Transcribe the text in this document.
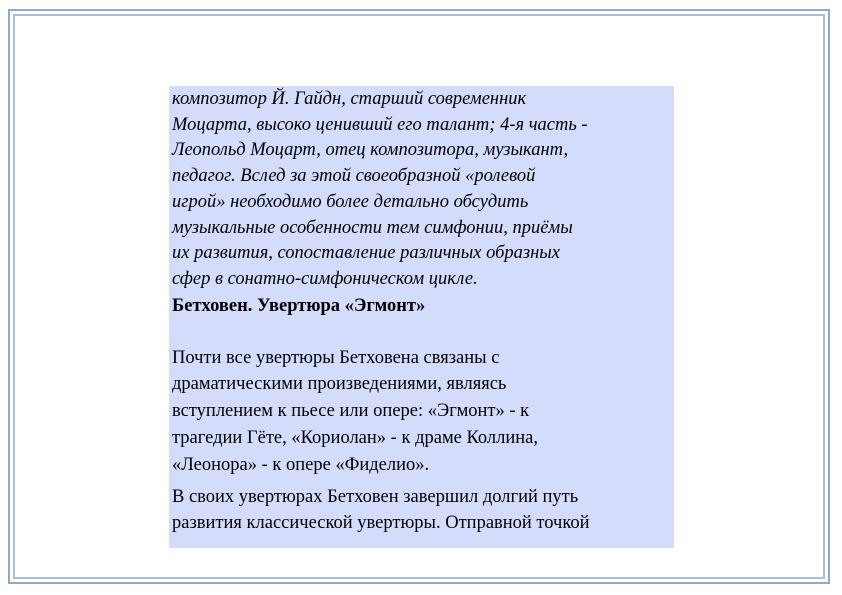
композитор Й. Гайдн, старший современник
Моцарта, высоко ценивший его талант; 4-я часть -
Леопольд Моцарт, отец композитора, музыкант,
педагог. Вслед за этой своеобразной «ролевой
игрой» необходимо более детально обсудить
музыкальные особенности тем симфонии, приёмы
их развития, сопоставление различных образных
сфер в сонатно-симфоническом цикле.

Бетховен. Увертюра «Эгмонт»

Почти все увертюры Бетховена связаны с
драматическими произведениями, являясь
вступлением к пьесе или опере: «Эгмонт» - к
трагедии Гёте, «Кориолан» - к драме Коллина,
«Леонора» - к опере «Фиделио».

В своих увертюрах Бетховен завершил долгий путь
развития классической увертюры. Отправной точкой
